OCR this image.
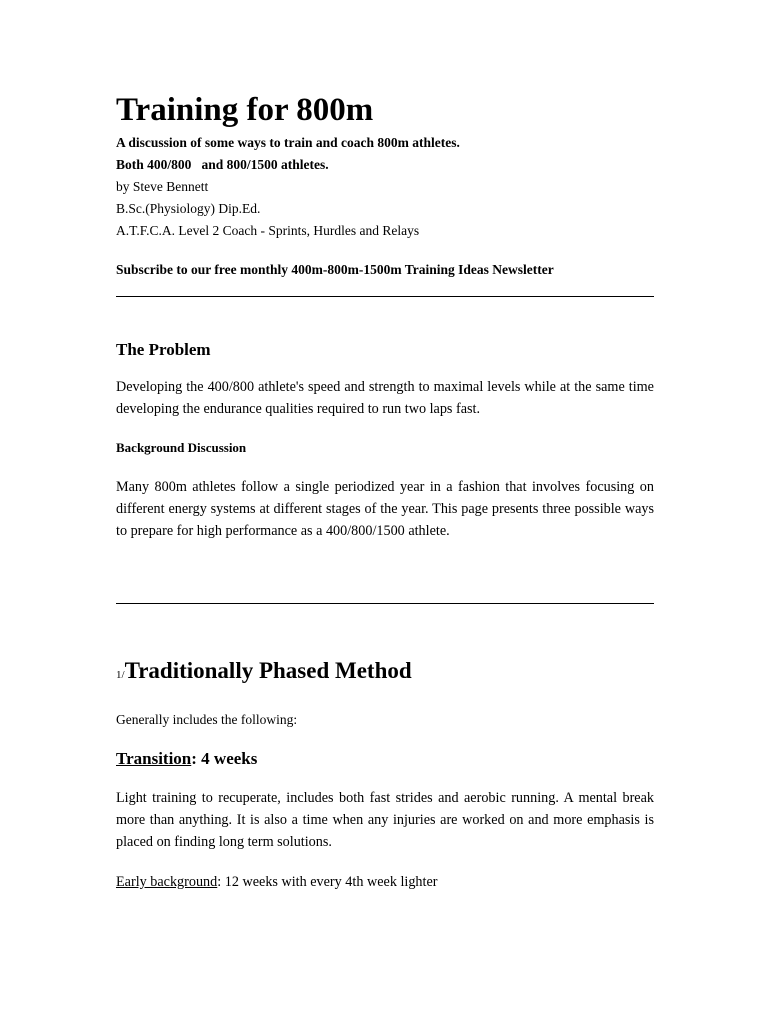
Training for 800m
A discussion of some ways to train and coach 800m athletes.
Both 400/800   and 800/1500 athletes.
by Steve Bennett
B.Sc.(Physiology) Dip.Ed.
A.T.F.C.A. Level 2 Coach - Sprints, Hurdles and Relays
Subscribe to our free monthly 400m-800m-1500m Training Ideas Newsletter
The Problem

Developing the 400/800 athlete's speed and strength to maximal levels while at the same time developing the endurance qualities required to run two laps fast.

Background Discussion

Many 800m athletes follow a single periodized year in a fashion that involves focusing on different energy systems at different stages of the year. This page presents three possible ways to prepare for high performance as a 400/800/1500 athlete.

1/Traditionally Phased Method
Generally includes the following:
Transition: 4 weeks

Light training to recuperate, includes both fast strides and aerobic running. A mental break more than anything. It is also a time when any injuries are worked on and more emphasis is placed on finding long term solutions.

Early background: 12 weeks with every 4th week lighter
